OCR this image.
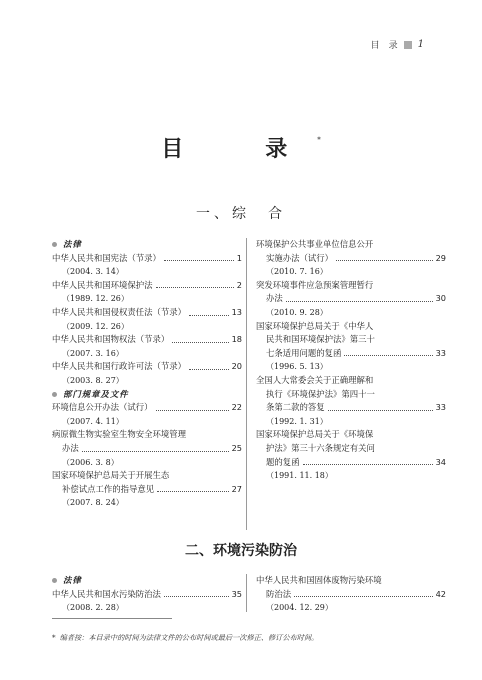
目　录 1
目　录*
一、综　合
法律
中华人民共和国宪法（节录）	1
（2004. 3. 14）
中华人民共和国环境保护法	2
（1989. 12. 26）
中华人民共和国侵权责任法（节录）	13
（2009. 12. 26）
中华人民共和国物权法（节录）	18
（2007. 3. 16）
中华人民共和国行政许可法（节录）	20
（2003. 8. 27）
部门规章及文件
环境信息公开办法（试行）	22
（2007. 4. 11）
病原微生物实验室生物安全环境管理
办法	25
（2006. 3. 8）
国家环境保护总局关于开展生态
补偿试点工作的指导意见	27
（2007. 8. 24）
环境保护公共事业单位信息公开
实施办法（试行）	29
（2010. 7. 16）
突发环境事件应急预案管理暂行
办法	30
（2010. 9. 28）
国家环境保护总局关于《中华人
民共和国环境保护法》第三十
七条适用问题的复函	33
（1996. 5. 13）
全国人大常委会关于正确理解和
执行《环境保护法》第四十一
条第二款的答复	33
（1992. 1. 31）
国家环境保护总局关于《环境保
护法》第三十六条规定有关问
题的复函	34
（1991. 11. 18）
二、环境污染防治
法律
中华人民共和国水污染防治法	35
（2008. 2. 28）
中华人民共和国固体废物污染环境
防治法	42
（2004. 12. 29）
* 编者按：本目录中的时间为法律文件的公布时间或最后一次修正、修订公布时间。
